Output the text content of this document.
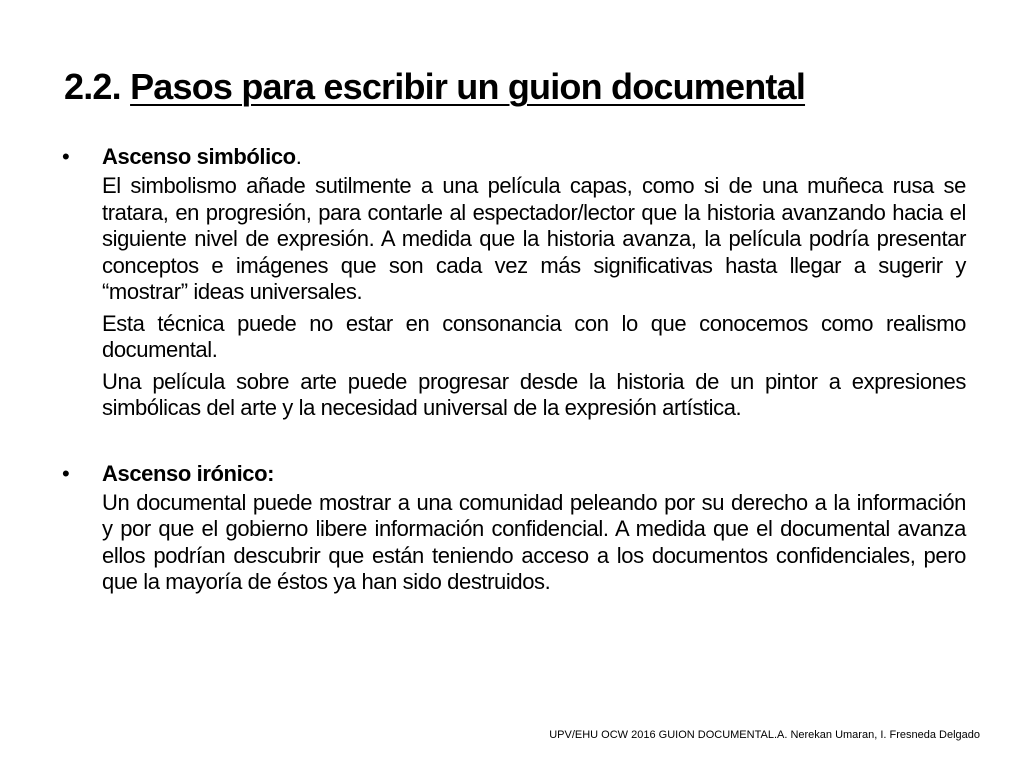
2.2. Pasos para escribir un guion documental
• Ascenso simbólico.

El simbolismo añade sutilmente a una película capas, como si de una muñeca rusa se tratara, en progresión, para contarle al espectador/lector que la historia avanzando hacia el siguiente nivel de expresión. A medida que la historia avanza, la película podría presentar conceptos e imágenes que son cada vez más significativas hasta llegar a sugerir y “mostrar” ideas universales.

Esta técnica puede no estar en consonancia con lo que conocemos como realismo documental.

Una película sobre arte puede progresar desde la historia de un pintor a expresiones simbólicas del arte y la necesidad universal de la expresión artística.

• Ascenso irónico:

Un documental puede mostrar a una comunidad peleando por su derecho a la información y por que el gobierno libere información confidencial. A medida que el documental avanza ellos podrían descubrir que están teniendo acceso a los documentos confidenciales, pero que la mayoría de éstos ya han sido destruidos.

UPV/EHU OCW 2016 GUION DOCUMENTAL.A. Nerekan Umaran, I. Fresneda Delgado
